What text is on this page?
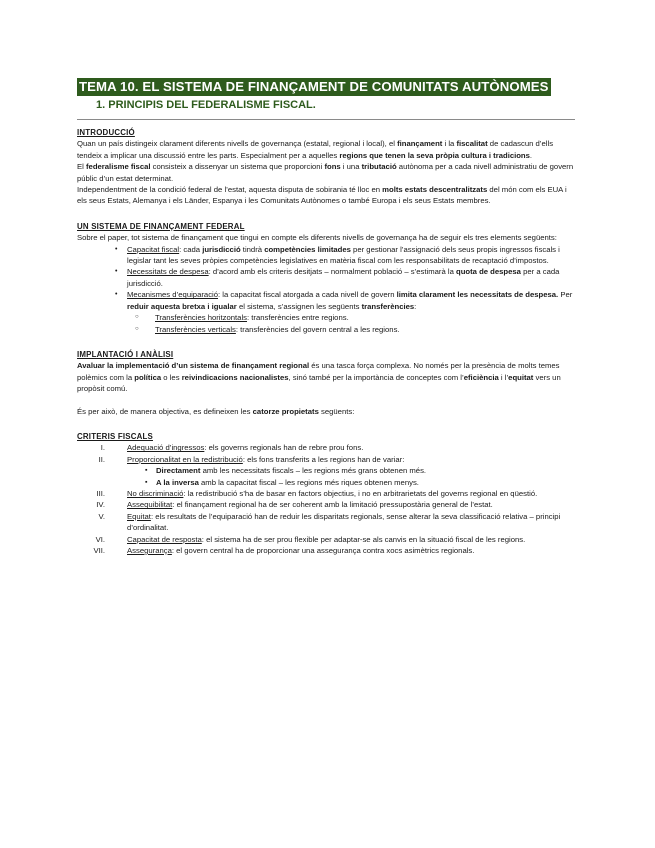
TEMA 10. EL SISTEMA DE FINANÇAMENT DE COMUNITATS AUTÒNOMES
1. PRINCIPIS DEL FEDERALISME FISCAL.

INTRODUCCIÓ

Quan un país distingeix clarament diferents nivells de governança (estatal, regional i local), el finançament i la fiscalitat de cadascun d’ells tendeix a implicar una discussió entre les parts. Especialment per a aquelles regions que tenen la seva pròpia cultura i tradicions.

El federalisme fiscal consisteix a dissenyar un sistema que proporcioni fons i una tributació autònoma per a cada nivell administratiu de govern públic d’un estat determinat.

Independentment de la condició federal de l’estat, aquesta disputa de sobirania té lloc en molts estats descentralitzats del món com els EUA i els seus Estats, Alemanya i els Länder, Espanya i les Comunitats Autònomes o també Europa i els seus Estats membres.

UN SISTEMA DE FINANÇAMENT FEDERAL

Sobre el paper, tot sistema de finançament que tingui en compte els diferents nivells de governança ha de seguir els tres elements següents:

• Capacitat fiscal: cada jurisdicció tindrà competències limitades per gestionar l’assignació dels seus propis ingressos fiscals i legislar tant les seves pròpies competències legislatives en matèria fiscal com les responsabilitats de recaptació d’impostos.
• Necessitats de despesa: d’acord amb els criteris desitjats – normalment població – s’estimarà la quota de despesa per a cada jurisdicció.
• Mecanismes d’equiparació: la capacitat fiscal atorgada a cada nivell de govern limita clarament les necessitats de despesa. Per reduir aquesta bretxa i igualar el sistema, s’assignen les següents transferències:
○ Transferències horitzontals: transferències entre regions.
○ Transferències verticals: transferències del govern central a les regions.

IMPLANTACIÓ I ANÀLISI

Avaluar la implementació d’un sistema de finançament regional és una tasca força complexa. No només per la presència de molts temes polèmics com la política o les reivindicacions nacionalistes, sinó també per la importància de conceptes com l’eficiència i l’equitat vers un propòsit comú.

És per això, de manera objectiva, es defineixen les catorze propietats següents:

CRITERIS FISCALS

I.	Adequació d’ingressos: els governs regionals han de rebre prou fons.
II.	Proporcionalitat en la redistribució: els fons transferits a les regions han de variar:
▪ Directament amb les necessitats fiscals – les regions més grans obtenen més.
▪ A la inversa amb la capacitat fiscal – les regions més riques obtenen menys.
III.	No discriminació: la redistribució s’ha de basar en factors objectius, i no en arbitrarietats del governs regional en qüestió.
IV.	Assequibilitat: el finançament regional ha de ser coherent amb la limitació pressupostària general de l’estat.
V.	Equitat: els resultats de l’equiparació han de reduir les disparitats regionals, sense alterar la seva classificació relativa – principi d’ordinalitat.
VI.	Capacitat de resposta: el sistema ha de ser prou flexible per adaptar-se als canvis en la situació fiscal de les regions.
VII.	Assegurança: el govern central ha de proporcionar una assegurança contra xocs asimètrics regionals.
